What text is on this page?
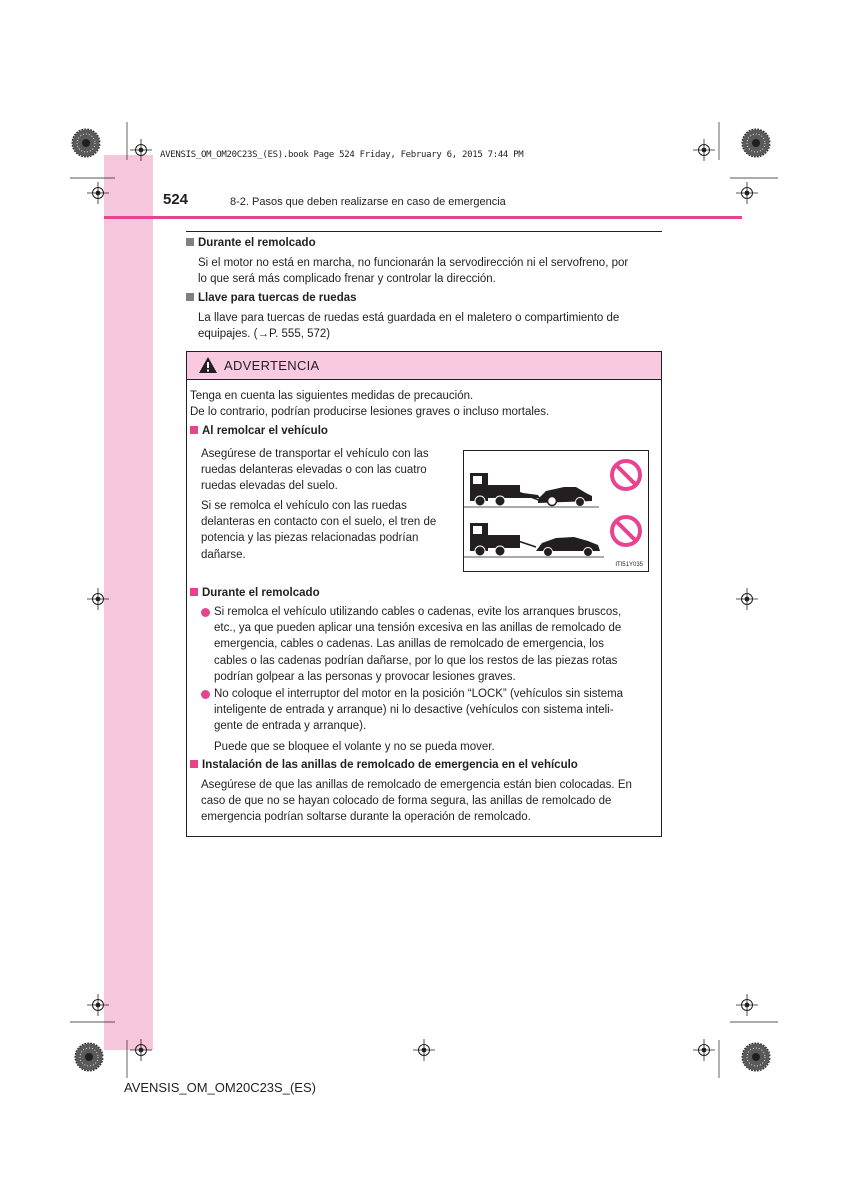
AVENSIS_OM_OM20C23S_(ES).book Page 524 Friday, February 6, 2015 7:44 PM
524	8-2. Pasos que deben realizarse en caso de emergencia
Durante el remolcado
Si el motor no está en marcha, no funcionarán la servodirección ni el servofreno, por
lo que será más complicado frenar y controlar la dirección.
Llave para tuercas de ruedas
La llave para tuercas de ruedas está guardada en el maletero o compartimiento de
equipajes. (→P. 555, 572)
ADVERTENCIA
Tenga en cuenta las siguientes medidas de precaución.
De lo contrario, podrían producirse lesiones graves o incluso mortales.
Al remolcar el vehículo
Asegúrese de transportar el vehículo con las
ruedas delanteras elevadas o con las cuatro
ruedas elevadas del suelo.
Si se remolca el vehículo con las ruedas
delanteras en contacto con el suelo, el tren de
potencia y las piezas relacionadas podrían
dañarse.
ITI51Y035
Durante el remolcado
Si remolca el vehículo utilizando cables o cadenas, evite los arranques bruscos,
etc., ya que pueden aplicar una tensión excesiva en las anillas de remolcado de
emergencia, cables o cadenas. Las anillas de remolcado de emergencia, los
cables o las cadenas podrían dañarse, por lo que los restos de las piezas rotas
podrían golpear a las personas y provocar lesiones graves.
No coloque el interruptor del motor en la posición “LOCK” (vehículos sin sistema
inteligente de entrada y arranque) ni lo desactive (vehículos con sistema inteli-
gente de entrada y arranque).
Puede que se bloquee el volante y no se pueda mover.
Instalación de las anillas de remolcado de emergencia en el vehículo
Asegúrese de que las anillas de remolcado de emergencia están bien colocadas. En
caso de que no se hayan colocado de forma segura, las anillas de remolcado de
emergencia podrían soltarse durante la operación de remolcado.
AVENSIS_OM_OM20C23S_(ES)
